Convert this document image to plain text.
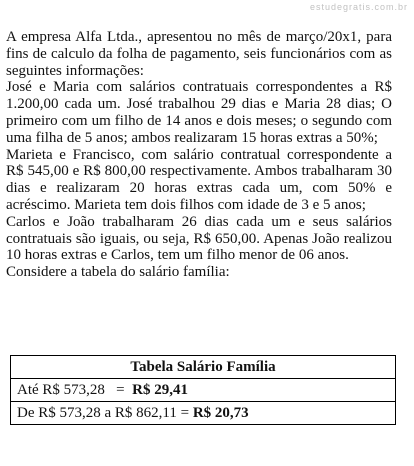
estudegratis.com.br

A empresa Alfa Ltda., apresentou no mês de março/20x1, para fins de calculo da folha de pagamento, seis funcionários com as seguintes informações:

José e Maria com salários contratuais correspondentes a R$ 1.200,00 cada um. José trabalhou 29 dias e Maria 28 dias; O primeiro com um filho de 14 anos e dois meses; o segundo com uma filha de 5 anos; ambos realizaram 15 horas extras a 50%;

Marieta e Francisco, com salário contratual correspondente a R$ 545,00 e R$ 800,00 respectivamente. Ambos trabalharam 30 dias e realizaram 20 horas extras cada um, com 50% e acréscimo. Marieta tem dois filhos com idade de 3 e 5 anos;

Carlos e João trabalharam 26 dias cada um e seus salários contratuais são iguais, ou seja, R$ 650,00. Apenas João realizou 10 horas extras e Carlos, tem um filho menor de 06 anos.

Considere a tabela do salário família:

Tabela Salário Família
Até R$ 573,28   =  R$ 29,41
De R$ 573,28 a R$ 862,11 = R$ 20,73
